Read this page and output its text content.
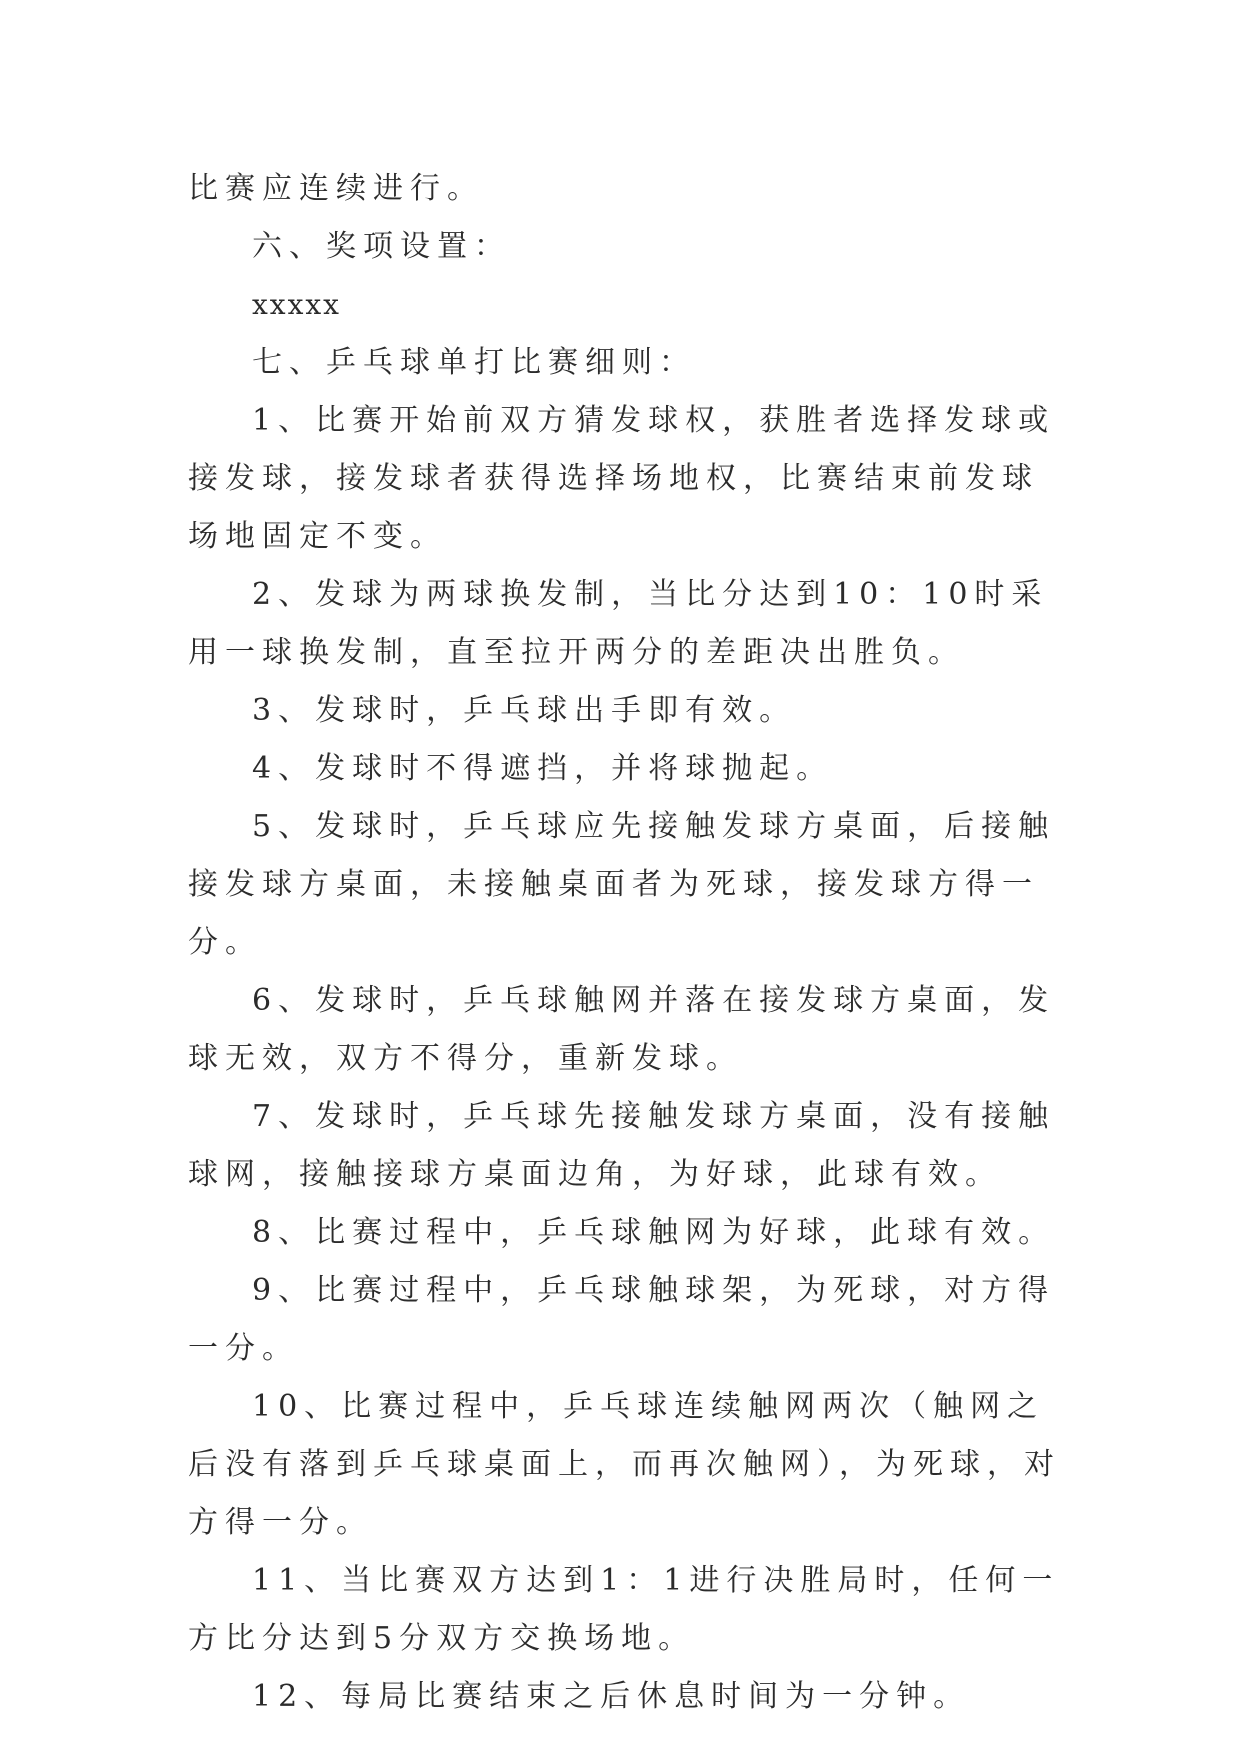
比赛应连续进行。

六、奖项设置：

xxxxx

七、乒乓球单打比赛细则：

1、比赛开始前双方猜发球权，获胜者选择发球或接发球，接发球者获得选择场地权，比赛结束前发球场地固定不变。

2、发球为两球换发制，当比分达到10：10时采用一球换发制，直至拉开两分的差距决出胜负。

3、发球时，乒乓球出手即有效。

4、发球时不得遮挡，并将球抛起。

5、发球时，乒乓球应先接触发球方桌面，后接触接发球方桌面，未接触桌面者为死球，接发球方得一分。

6、发球时，乒乓球触网并落在接发球方桌面，发球无效，双方不得分，重新发球。

7、发球时，乒乓球先接触发球方桌面，没有接触球网，接触接球方桌面边角，为好球，此球有效。

8、比赛过程中，乒乓球触网为好球，此球有效。

9、比赛过程中，乒乓球触球架，为死球，对方得一分。

10、比赛过程中，乒乓球连续触网两次（触网之后没有落到乒乓球桌面上，而再次触网），为死球，对方得一分。

11、当比赛双方达到1：1进行决胜局时，任何一方比分达到5分双方交换场地。

12、每局比赛结束之后休息时间为一分钟。
